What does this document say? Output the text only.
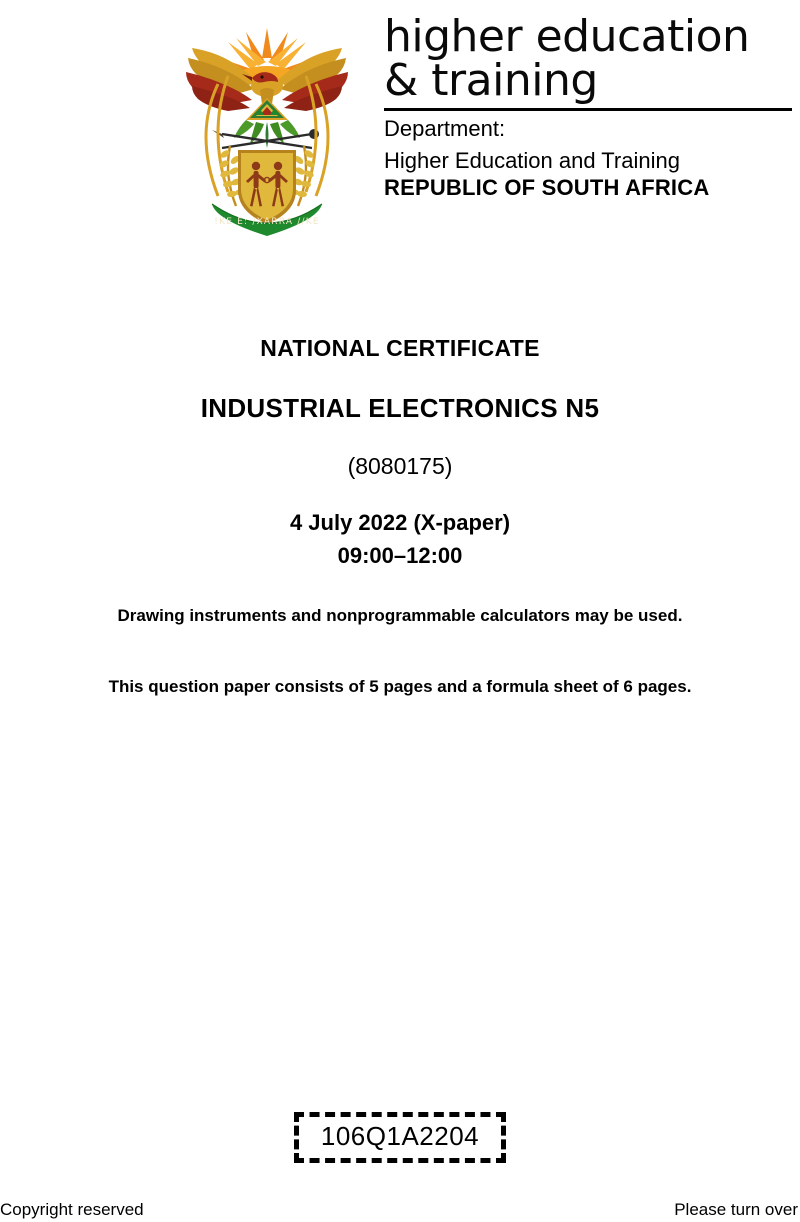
!KE E: /XARRA //KE
higher education
& training
Department:
Higher Education and Training
REPUBLIC OF SOUTH AFRICA
NATIONAL CERTIFICATE
INDUSTRIAL ELECTRONICS N5
(8080175)
4 July 2022 (X-paper)
09:00–12:00
Drawing instruments and nonprogrammable calculators may be used.
This question paper consists of 5 pages and a formula sheet of 6 pages.
106Q1A2204
Copyright reserved	Please turn over
